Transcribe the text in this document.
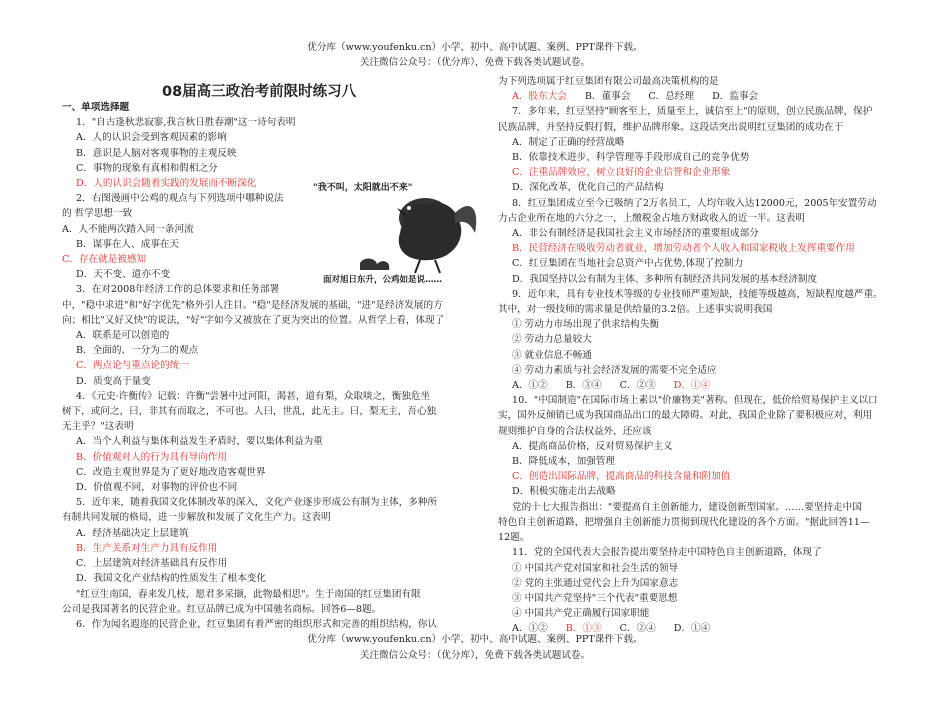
优分库（www.youfenku.cn）小学、初中、高中试题、案例、PPT课件下载。
关注微信公众号：（优分库），免费下载各类试题试卷。
08届高三政治考前限时练习八
一、单项选择题
1．"自古逢秋悲寂寥,我言秋日胜春潮"这一诗句表明
A．人的认识会受到客观因素的影响
B．意识是人脑对客观事物的主观反映
C．事物的现象有真相和假相之分
D．人的认识会随着实践的发展而不断深化
2．右图漫画中公鸡的观点与下列选项中哪种说法
的 哲学思想一致
A．人不能两次踏入同一条河流
B．谋事在人、成事在天
C．存在就是被感知
D．天不变、道亦不变
3．在对2008年经济工作的总体要求和任务部署
中，"稳中求进"和"好字优先"格外引人注目。"稳"是经济发展的基础，"进"是经济发展的方
向；相比"又好又快"的说法，"好"字如今又被放在了更为突出的位置。从哲学上看，体现了
A．联系是可以创造的
B．全面的、一分为二的观点
C．两点论与重点论的统一
D．质变高于量变
4．《元史·许衡传》记载：许衡"尝暑中过河阳，渴甚，道有梨，众取啖之，衡独危坐
树下，或问之，曰，非其有而取之，不可也。人曰，世乱，此无主。曰，梨无主，吾心独
无主乎？"这表明
A．当个人利益与集体利益发生矛盾时，要以集体利益为重
B．价值观对人的行为具有导向作用
C．改造主观世界是为了更好地改造客观世界
D．价值观不同，对事物的评价也不同
5．近年来，随着我国文化体制改革的深入，文化产业逐步形成公有制为主体，多种所
有制共同发展的格局，进一步解放和发展了文化生产力。这表明
A．经济基础决定上层建筑
B．生产关系对生产力具有反作用
C．上层建筑对经济基础具有反作用
D．我国文化产业结构的性质发生了根本变化
"红豆生南国，春来发几枝，愿君多采撷，此物最相思"。生于南国的红豆集团有限
公司是我国著名的民营企业。红豆品牌已成为中国驰名商标。回答6—8题。
6．作为闻名遐迩的民营企业，红豆集团有着严密的组织形式和完善的组织结构，你认
"我不叫，太阳就出不来"
面对旭日东升，公鸡如是说……
为下列选项属于红豆集团有限公司最高决策机构的是
A．股东大会 B．董事会 C．总经理 D．监事会
7．多年来，红豆坚持"顾客至上，质量至上，诚信至上"的原则，创立民族品牌，保护
民族品牌，并坚持反假打假，维护品牌形象。这段话突出说明红豆集团的成功在于
A．制定了正确的经营战略
B．依靠技术进步、科学管理等手段形成自己的竞争优势
C．注重品牌效应，树立良好的企业信誉和企业形象
D．深化改革，优化自己的产品结构
8．红豆集团成立至今已吸纳了2万名员工，人均年收入达12000元，2005年安置劳动
力占企业所在地的六分之一，上缴税金占地方财政收入的近一半。这表明
A．非公有制经济是我国社会主义市场经济的重要组成部分
B．民营经济在吸收劳动者就业，增加劳动者个人收入和国家税收上发挥重要作用
C．红豆集团在当地社会总资产中占优势,体现了控制力
D．我国坚持以公有制为主体、多种所有制经济共同发展的基本经济制度
9．近年来，具有专业技术等级的专业技师严重短缺，技能等级越高，短缺程度越严重。
其中，对一级技师的需求量是供给量的3.2倍。上述事实说明我国
① 劳动力市场出现了供求结构失衡
② 劳动力总量较大
③ 就业信息不畅通
④ 劳动力素质与社会经济发展的需要不完全适应
A．①② B．③④ C．②③ D．①④
10．"中国制造"在国际市场上素以"价廉物美"著称。但现在，低价给贸易保护主义以口
实，国外反倾销已成为我国商品出口的最大障碍。对此，我国企业除了要积极应对，利用
规则维护自身的合法权益外，还应该
A．提高商品价格，反对贸易保护主义
B．降低成本，加强管理
C．创造出国际品牌，提高商品的科技含量和附加值
D．积极实施走出去战略
党的十七大报告指出："要提高自主创新能力，建设创新型国家。……要坚持走中国
特色自主创新道路，把增强自主创新能力贯彻到现代化建设的各个方面。"据此回答11—
12题。
11．党的全国代表大会报告提出要坚持走中国特色自主创新道路，体现了
① 中国共产党对国家和社会生活的领导
② 党的主张通过党代会上升为国家意志
③ 中国共产党坚持"三个代表"重要思想
④ 中国共产党正确履行国家职能
A．①② B．①③ C．②④ D．①④
优分库（www.youfenku.cn）小学、初中、高中试题、案例、PPT课件下载。
关注微信公众号：（优分库），免费下载各类试题试卷。
